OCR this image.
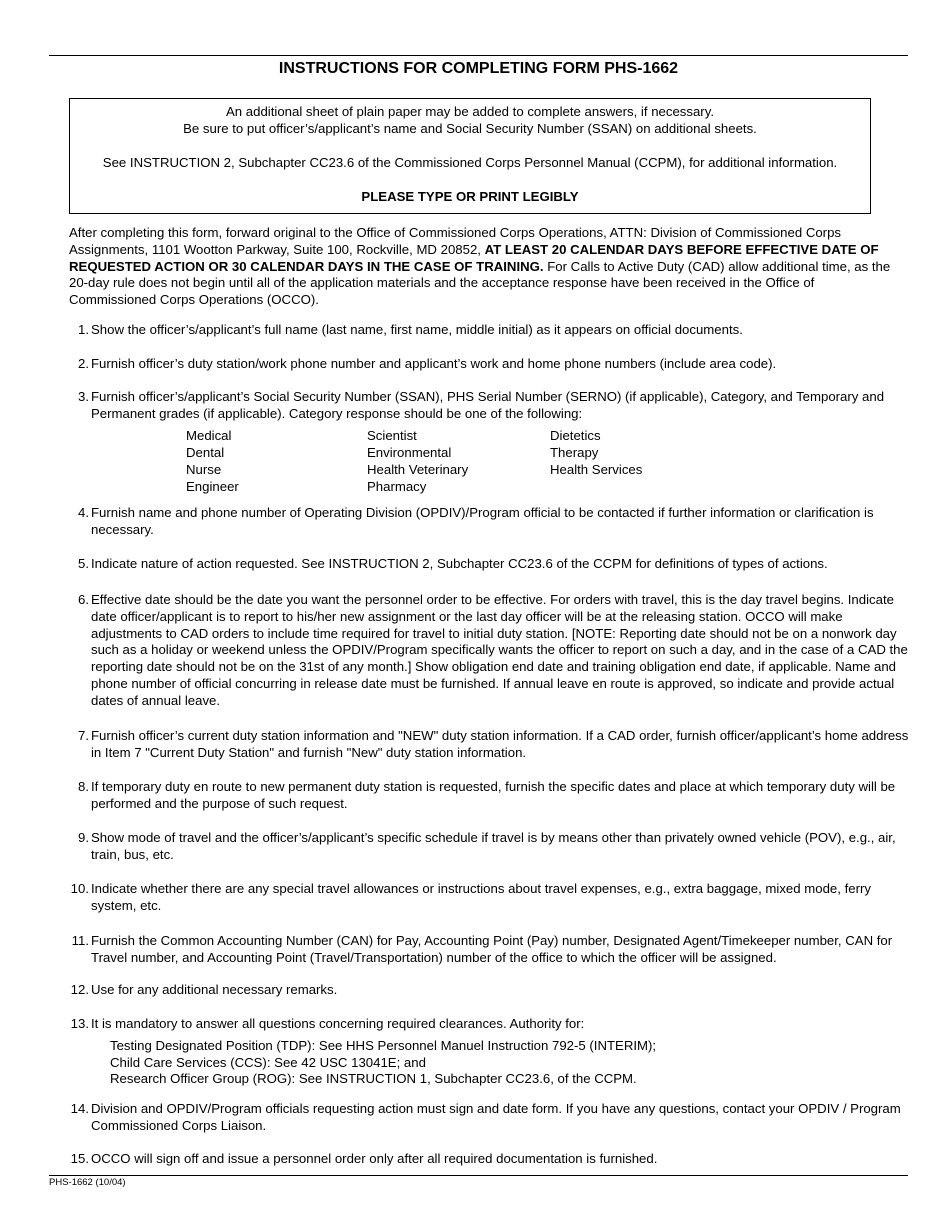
INSTRUCTIONS FOR COMPLETING FORM PHS-1662

An additional sheet of plain paper may be added to complete answers, if necessary.

Be sure to put officer’s/applicant’s name and Social Security Number (SSAN) on additional sheets.

See INSTRUCTION 2, Subchapter CC23.6 of the Commissioned Corps Personnel Manual (CCPM), for additional information.

PLEASE TYPE OR PRINT LEGIBLY

After completing this form, forward original to the Office of Commissioned Corps Operations, ATTN: Division of Commissioned Corps Assignments, 1101 Wootton Parkway, Suite 100, Rockville, MD 20852, AT LEAST 20 CALENDAR DAYS BEFORE EFFECTIVE DATE OF REQUESTED ACTION OR 30 CALENDAR DAYS IN THE CASE OF TRAINING. For Calls to Active Duty (CAD) allow additional time, as the 20-day rule does not begin until all of the application materials and the acceptance response have been received in the Office of Commissioned Corps Operations (OCCO).

1. Show the officer’s/applicant’s full name (last name, first name, middle initial) as it appears on official documents.
2. Furnish officer’s duty station/work phone number and applicant’s work and home phone numbers (include area code).
3. Furnish officer’s/applicant’s Social Security Number (SSAN), PHS Serial Number (SERNO) (if applicable), Category, and Temporary and Permanent grades (if applicable). Category response should be one of the following:
Medical
Dental
Nurse
Engineer
Scientist
Environmental
Health Veterinary
Pharmacy
Dietetics
Therapy
Health Services
4. Furnish name and phone number of Operating Division (OPDIV)/Program official to be contacted if further information or clarification is necessary.
5. Indicate nature of action requested. See INSTRUCTION 2, Subchapter CC23.6 of the CCPM for definitions of types of actions.
6. Effective date should be the date you want the personnel order to be effective. For orders with travel, this is the day travel begins. Indicate date officer/applicant is to report to his/her new assignment or the last day officer will be at the releasing station. OCCO will make adjustments to CAD orders to include time required for travel to initial duty station. [NOTE: Reporting date should not be on a nonwork day such as a holiday or weekend unless the OPDIV/Program specifically wants the officer to report on such a day, and in the case of a CAD the reporting date should not be on the 31st of any month.] Show obligation end date and training obligation end date, if applicable. Name and phone number of official concurring in release date must be furnished. If annual leave en route is approved, so indicate and provide actual dates of annual leave.
7. Furnish officer’s current duty station information and "NEW" duty station information. If a CAD order, furnish officer/applicant’s home address in Item 7 "Current Duty Station" and furnish "New" duty station information.
8. If temporary duty en route to new permanent duty station is requested, furnish the specific dates and place at which temporary duty will be performed and the purpose of such request.
9. Show mode of travel and the officer’s/applicant’s specific schedule if travel is by means other than privately owned vehicle (POV), e.g., air, train, bus, etc.
10. Indicate whether there are any special travel allowances or instructions about travel expenses, e.g., extra baggage, mixed mode, ferry system, etc.
11. Furnish the Common Accounting Number (CAN) for Pay, Accounting Point (Pay) number, Designated Agent/Timekeeper number, CAN for Travel number, and Accounting Point (Travel/Transportation) number of the office to which the officer will be assigned.
12. Use for any additional necessary remarks.
13. It is mandatory to answer all questions concerning required clearances. Authority for:
Testing Designated Position (TDP): See HHS Personnel Manuel Instruction 792-5 (INTERIM);
Child Care Services (CCS): See 42 USC 13041E; and
Research Officer Group (ROG): See INSTRUCTION 1, Subchapter CC23.6, of the CCPM.
14. Division and OPDIV/Program officials requesting action must sign and date form. If you have any questions, contact your OPDIV / Program Commissioned Corps Liaison.
15. OCCO will sign off and issue a personnel order only after all required documentation is furnished.
PHS-1662 (10/04)
